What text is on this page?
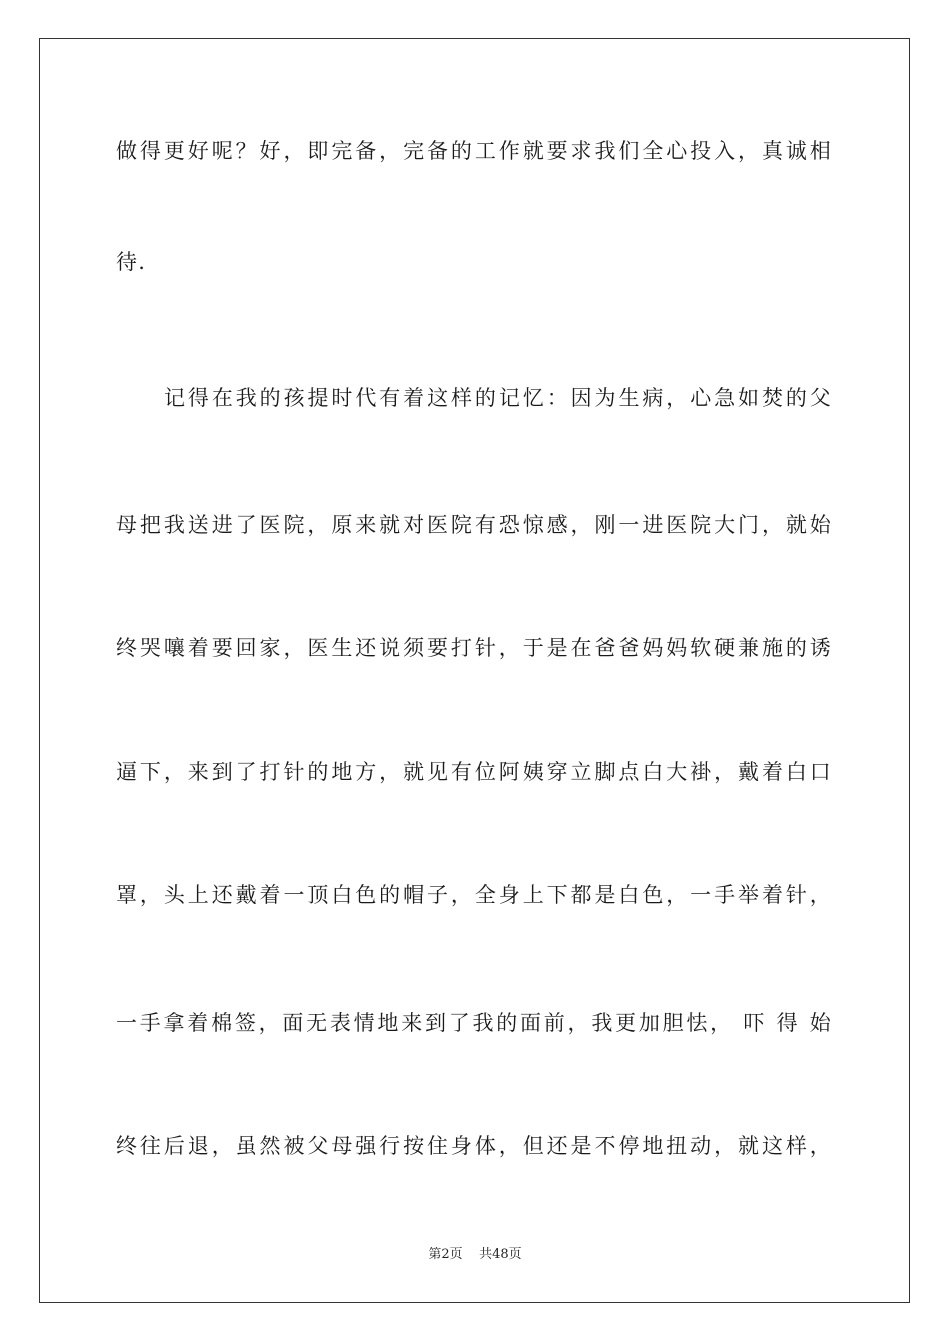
做得更好呢？好，即完备，完备的工作就要求我们全心投入，真诚相
待.
记得在我的孩提时代有着这样的记忆：因为生病，心急如焚的父
母把我送进了医院，原来就对医院有恐惊感，刚一进医院大门，就始
终哭嚷着要回家，医生还说须要打针，于是在爸爸妈妈软硬兼施的诱
逼下，来到了打针的地方，就见有位阿姨穿立脚点白大褂，戴着白口
罩，头上还戴着一顶白色的帽子，全身上下都是白色，一手举着针，
一手拿着棉签，面无表情地来到了我的面前，我更加胆怯， 吓 得 始
终往后退，虽然被父母强行按住身体，但还是不停地扭动，就这样，
第2页 共48页
